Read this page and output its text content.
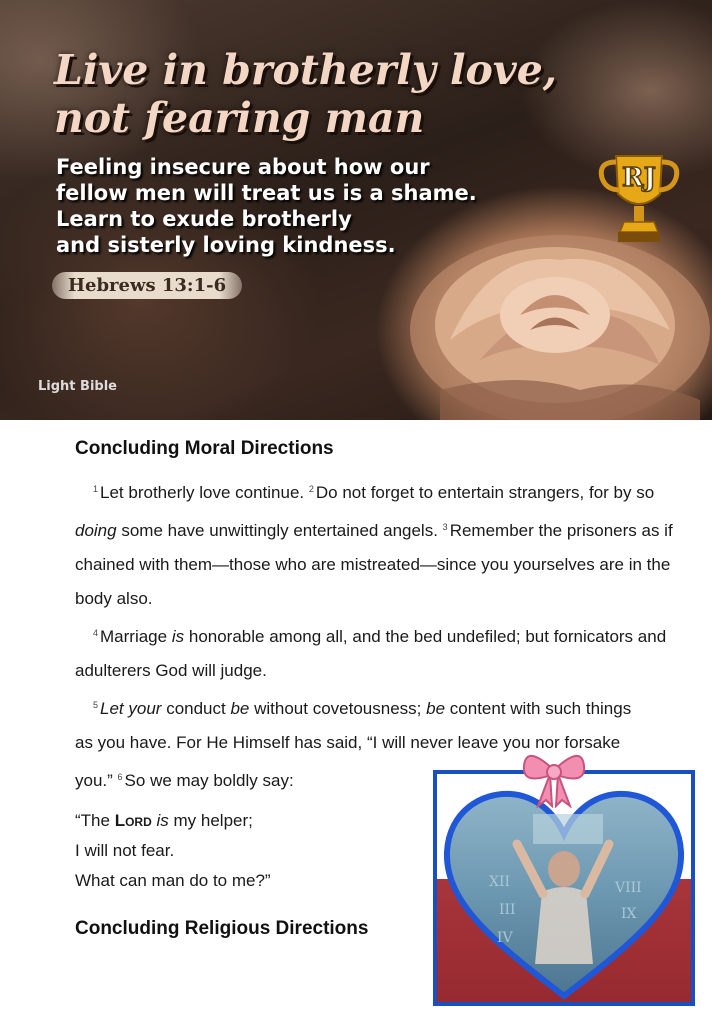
Live in brotherly love,
not fearing man

Feeling insecure about how our
fellow men will treat us is a shame.
Learn to exude brotherly
and sisterly loving kindness.

Hebrews 13:1-6
Light Bible
RJ
Concluding Moral Directions

$^1$ Let brotherly love continue. $^2$ Do not forget to entertain strangers, for by so doing some have unwittingly entertained angels. $^3$ Remember the prisoners as if chained with them—those who are mistreated—since you yourselves are in the body also.

$^4$ Marriage is honorable among all, and the bed undefiled; but fornicators and adulterers God will judge.

$^5$ Let your conduct be without covetousness; be content with such things as you have. For He Himself has said, “I will never leave you nor forsake you.” $^6$ So we may boldly say:

“The Lord is my helper;
I will not fear.
What can man do to me?”
Concluding Religious Directions
XII
III
VIII
IX
IV
